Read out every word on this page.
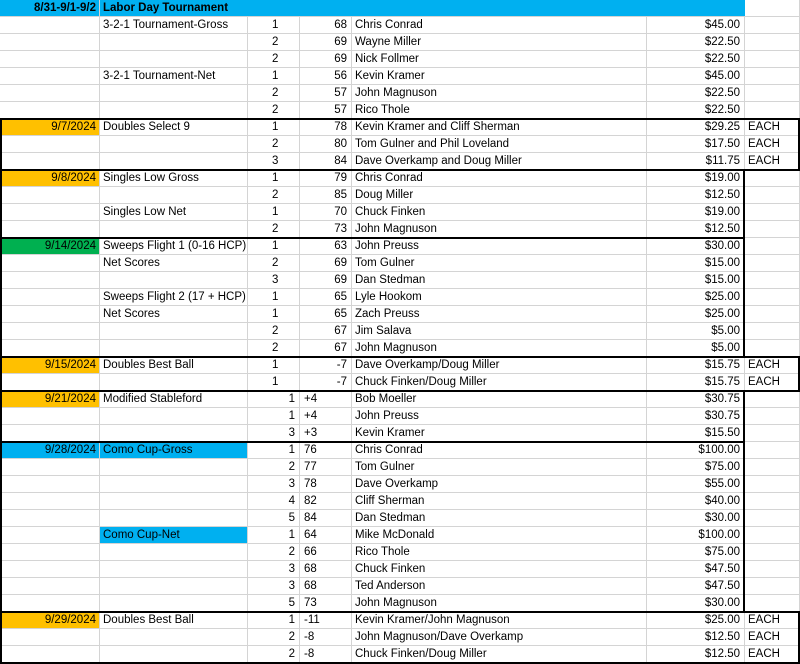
8/31-9/1-9/2 Labor Day Tournament
3-2-1 Tournament-Gross	1	68 Chris Conrad	$45.00
2	69 Wayne Miller	$22.50
2	69 Nick Follmer	$22.50
3-2-1 Tournament-Net	1	56 Kevin Kramer	$45.00
2	57 John Magnuson	$22.50
2	57 Rico Thole	$22.50
9/7/2024 Doubles Select 9	1	78 Kevin Kramer and Cliff Sherman	$29.25 EACH
2	80 Tom Gulner and Phil Loveland	$17.50 EACH
3	84 Dave Overkamp and Doug Miller	$11.75 EACH
9/8/2024 Singles Low Gross	1	79 Chris Conrad	$19.00
2	85 Doug Miller	$12.50
Singles Low Net	1	70 Chuck Finken	$19.00
2	73 John Magnuson	$12.50
9/14/2024 Sweeps Flight 1 (0-16 HCP)	1	63 John Preuss	$30.00
Net Scores	2	69 Tom Gulner	$15.00
3	69 Dan Stedman	$15.00
Sweeps Flight 2 (17 + HCP)	1	65 Lyle Hookom	$25.00
Net Scores	1	65 Zach Preuss	$25.00
2	67 Jim Salava	$5.00
2	67 John Magnuson	$5.00
9/15/2024 Doubles Best Ball	1	-7 Dave Overkamp/Doug Miller	$15.75 EACH
1	-7 Chuck Finken/Doug Miller	$15.75 EACH
9/21/2024 Modified Stableford	1 +4	Bob Moeller	$30.75
1 +4	John Preuss	$30.75
3 +3	Kevin Kramer	$15.50
9/28/2024 Como Cup-Gross	1 76	Chris Conrad	$100.00
2 77	Tom Gulner	$75.00
3 78	Dave Overkamp	$55.00
4 82	Cliff Sherman	$40.00
5 84	Dan Stedman	$30.00
Como Cup-Net	1 64	Mike McDonald	$100.00
2 66	Rico Thole	$75.00
3 68	Chuck Finken	$47.50
3 68	Ted Anderson	$47.50
5 73	John Magnuson	$30.00
9/29/2024 Doubles Best Ball	1 -11	Kevin Kramer/John Magnuson	$25.00 EACH
2 -8	John Magnuson/Dave Overkamp	$12.50 EACH
2 -8	Chuck Finken/Doug Miller	$12.50 EACH
